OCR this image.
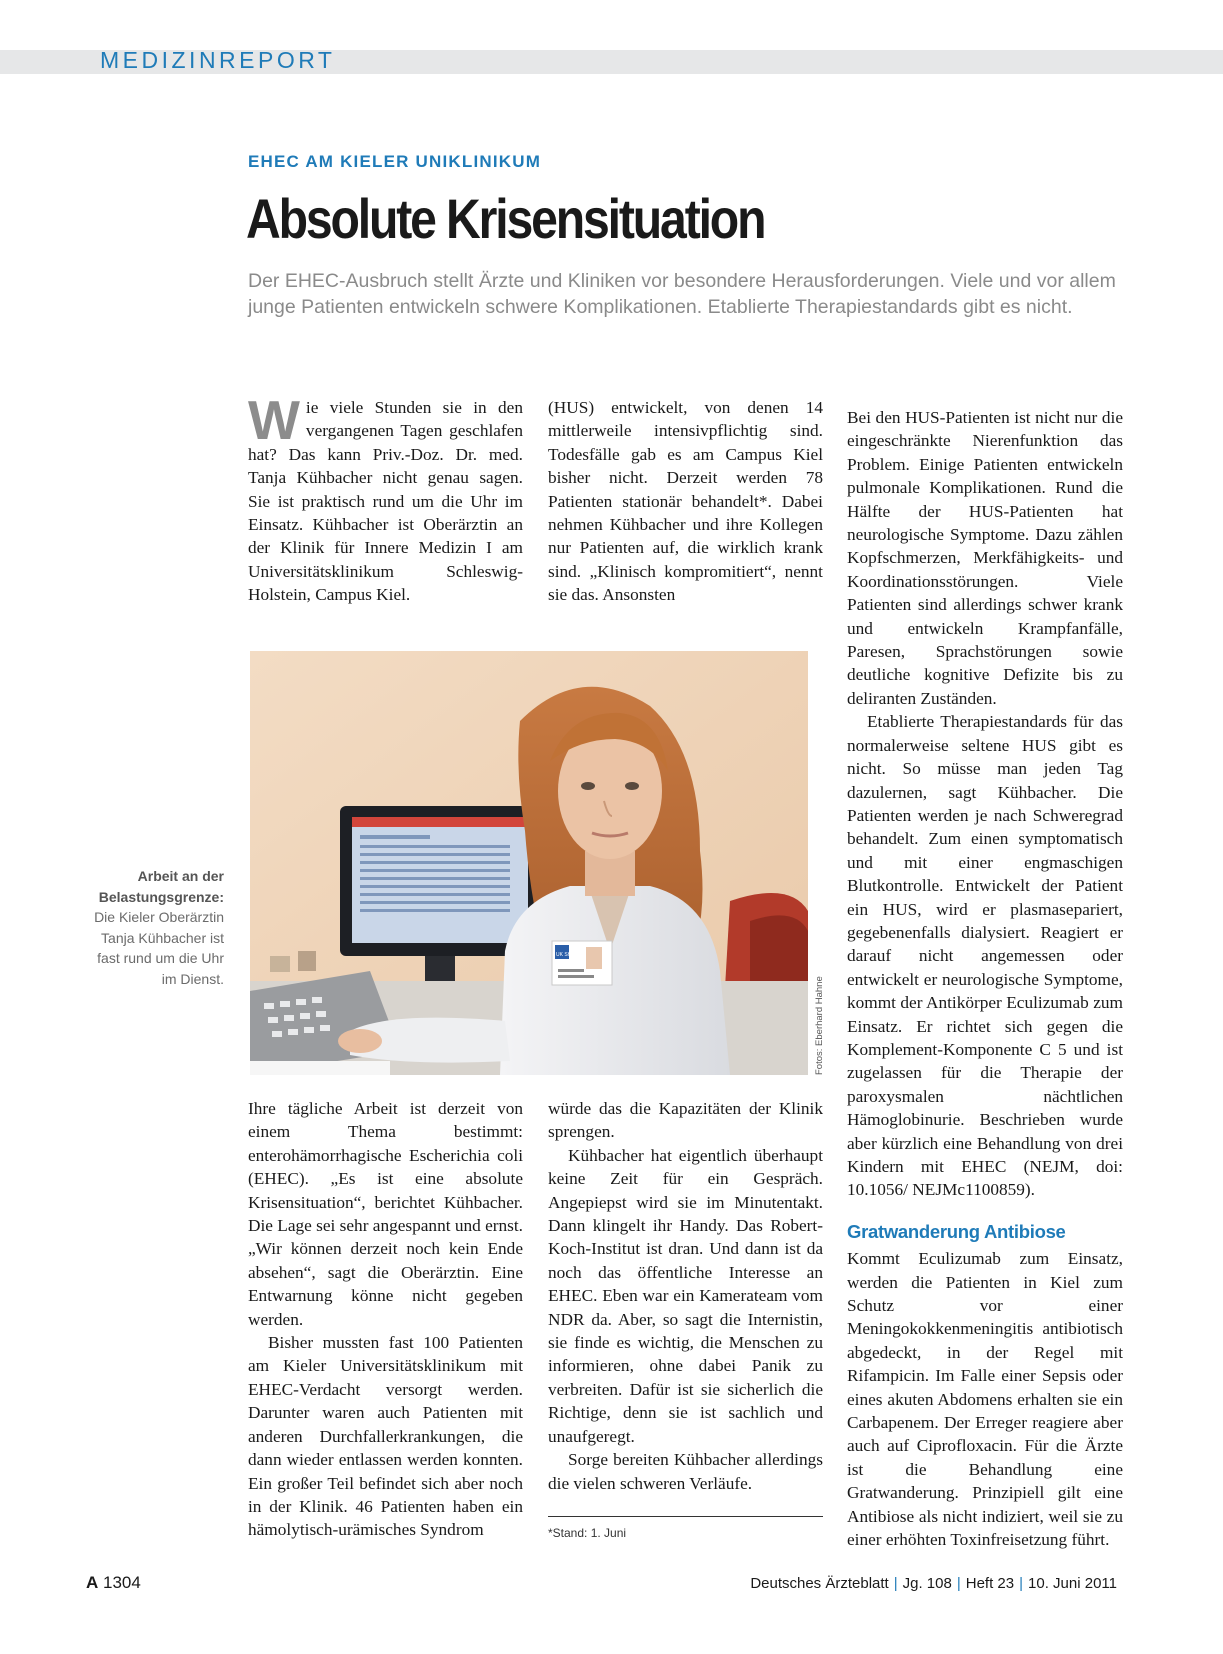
MEDIZINREPORT
EHEC AM KIELER UNIKLINIKUM
Absolute Krisensituation
Der EHEC-Ausbruch stellt Ärzte und Kliniken vor besondere Herausforderungen. Viele und vor allem junge Patienten entwickeln schwere Komplikationen. Etablierte Therapiestandards gibt es nicht.

Wie viele Stunden sie in den vergangenen Tagen geschlafen hat? Das kann Priv.-Doz. Dr. med. Tanja Kühbacher nicht genau sagen. Sie ist praktisch rund um die Uhr im Einsatz. Kühbacher ist Oberärztin an der Klinik für Innere Medizin I am Universitätsklinikum Schleswig-Holstein, Campus Kiel.

(HUS) entwickelt, von denen 14 mittlerweile intensivpflichtig sind. Todesfälle gab es am Campus Kiel bisher nicht. Derzeit werden 78 Patienten stationär behandelt*. Dabei nehmen Kühbacher und ihre Kollegen nur Patienten auf, die wirklich krank sind. „Klinisch kompromitiert“, nennt sie das. Ansonsten

UK SH
Fotos: Eberhard Hahne
Arbeit an der Belastungsgrenze: Die Kieler Oberärztin Tanja Kühbacher ist fast rund um die Uhr im Dienst.

Ihre tägliche Arbeit ist derzeit von einem Thema bestimmt: enterohämorrhagische Escherichia coli (EHEC). „Es ist eine absolute Krisensituation“, berichtet Kühbacher. Die Lage sei sehr angespannt und ernst. „Wir können derzeit noch kein Ende absehen“, sagt die Oberärztin. Eine Entwarnung könne nicht gegeben werden.

Bisher mussten fast 100 Patienten am Kieler Universitätsklinikum mit EHEC-Verdacht versorgt werden. Darunter waren auch Patienten mit anderen Durchfallerkrankungen, die dann wieder entlassen werden konnten. Ein großer Teil befindet sich aber noch in der Klinik. 46 Patienten haben ein hämolytisch-urämisches Syndrom

würde das die Kapazitäten der Klinik sprengen.

Kühbacher hat eigentlich überhaupt keine Zeit für ein Gespräch. Angepiepst wird sie im Minutentakt. Dann klingelt ihr Handy. Das Robert-Koch-Institut ist dran. Und dann ist da noch das öffentliche Interesse an EHEC. Eben war ein Kamerateam vom NDR da. Aber, so sagt die Internistin, sie finde es wichtig, die Menschen zu informieren, ohne dabei Panik zu verbreiten. Dafür ist sie sicherlich die Richtige, denn sie ist sachlich und unaufgeregt.

Sorge bereiten Kühbacher allerdings die vielen schweren Verläufe.

*Stand: 1. Juni

Bei den HUS-Patienten ist nicht nur die eingeschränkte Nierenfunktion das Problem. Einige Patienten entwickeln pulmonale Komplikationen. Rund die Hälfte der HUS-Patienten hat neurologische Symptome. Dazu zählen Kopfschmerzen, Merkfähigkeits- und Koordinationsstörungen. Viele Patienten sind allerdings schwer krank und entwickeln Krampfanfälle, Paresen, Sprachstörungen sowie deutliche kognitive Defizite bis zu deliranten Zuständen.

Etablierte Therapiestandards für das normalerweise seltene HUS gibt es nicht. So müsse man jeden Tag dazulernen, sagt Kühbacher. Die Patienten werden je nach Schweregrad behandelt. Zum einen symptomatisch und mit einer engmaschigen Blutkontrolle. Entwickelt der Patient ein HUS, wird er plasmasepariert, gegebenenfalls dialysiert. Reagiert er darauf nicht angemessen oder entwickelt er neurologische Symptome, kommt der Antikörper Eculizumab zum Einsatz. Er richtet sich gegen die Komplement-Komponente C 5 und ist zugelassen für die Therapie der paroxysmalen nächtlichen Hämoglobinurie. Beschrieben wurde aber kürzlich eine Behandlung von drei Kindern mit EHEC (NEJM, doi: 10.1056/ NEJMc1100859).

Gratwanderung Antibiose

Kommt Eculizumab zum Einsatz, werden die Patienten in Kiel zum Schutz vor einer Meningokokkenmeningitis antibiotisch abgedeckt, in der Regel mit Rifampicin. Im Falle einer Sepsis oder eines akuten Abdomens erhalten sie ein Carbapenem. Der Erreger reagiere aber auch auf Ciprofloxacin. Für die Ärzte ist die Behandlung eine Gratwanderung. Prinzipiell gilt eine Antibiose als nicht indiziert, weil sie zu einer erhöhten Toxinfreisetzung führt.

A 1304	Deutsches Ärzteblatt | Jg. 108 | Heft 23 | 10. Juni 2011
